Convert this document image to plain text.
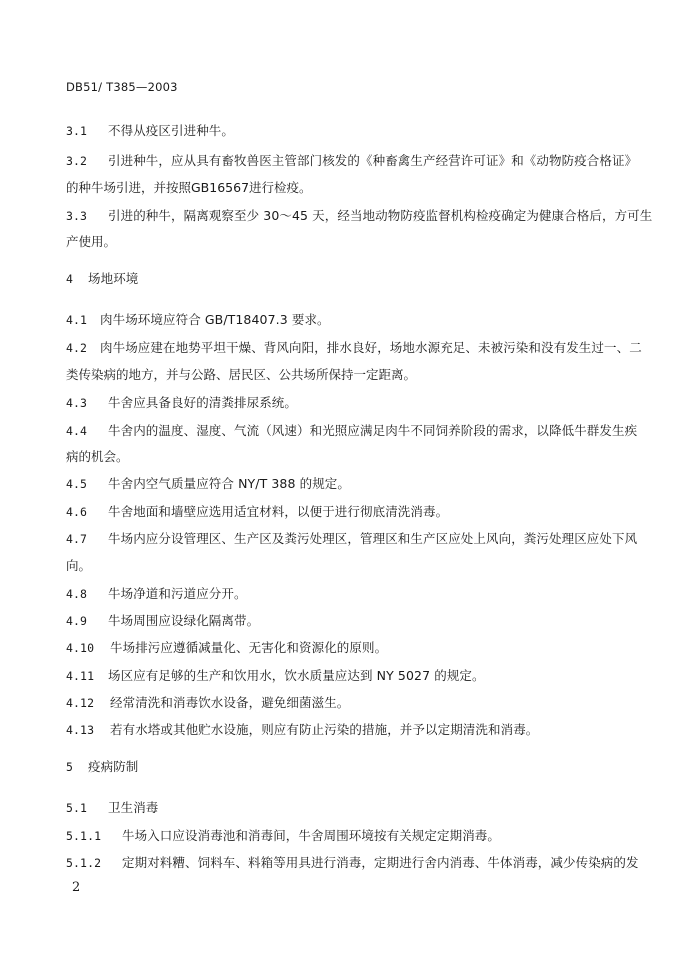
DB51/ T385—2003
3.1 不得从疫区引进种牛。
3.2 引进种牛，应从具有畜牧兽医主管部门核发的《种畜禽生产经营许可证》和《动物防疫合格证》
的种牛场引进，并按照GB16567进行检疫。
3.3 引进的种牛，隔离观察至少 30～45 天，经当地动物防疫监督机构检疫确定为健康合格后，方可生
产使用。
4 场地环境
4.1 肉牛场环境应符合 GB/T18407.3 要求。
4.2 肉牛场应建在地势平坦干燥、背风向阳，排水良好，场地水源充足、未被污染和没有发生过一、二
类传染病的地方，并与公路、居民区、公共场所保持一定距离。
4.3 牛舍应具备良好的清粪排尿系统。
4.4 牛舍内的温度、湿度、气流（风速）和光照应满足肉牛不同饲养阶段的需求，以降低牛群发生疾
病的机会。
4.5 牛舍内空气质量应符合 NY/T 388 的规定。
4.6 牛舍地面和墙壁应选用适宜材料，以便于进行彻底清洗消毒。
4.7 牛场内应分设管理区、生产区及粪污处理区，管理区和生产区应处上风向，粪污处理区应处下风
向。
4.8 牛场净道和污道应分开。
4.9 牛场周围应设绿化隔离带。
4.10 牛场排污应遵循减量化、无害化和资源化的原则。
4.11 场区应有足够的生产和饮用水，饮水质量应达到 NY 5027 的规定。
4.12 经常清洗和消毒饮水设备，避免细菌滋生。
4.13 若有水塔或其他贮水设施，则应有防止污染的措施，并予以定期清洗和消毒。
5 疫病防制
5.1 卫生消毒
5.1.1 牛场入口应设消毒池和消毒间，牛舍周围环境按有关规定定期消毒。
5.1.2 定期对料糟、饲料车、料箱等用具进行消毒，定期进行舍内消毒、牛体消毒，减少传染病的发
2
